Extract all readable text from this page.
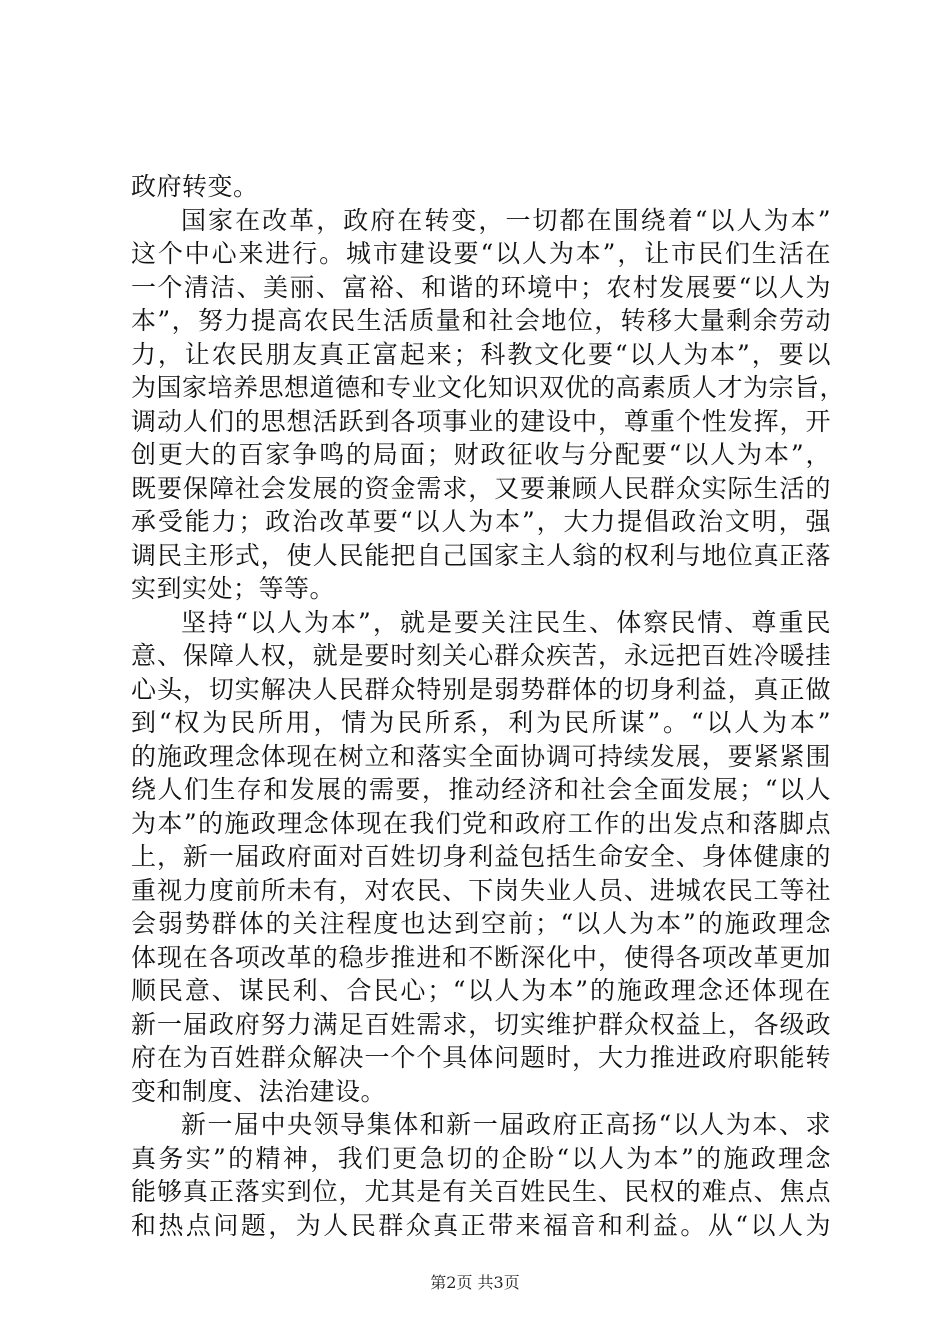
政府转变。
国家在改革，政府在转变，一切都在围绕着“以人为本”
这个中心来进行。城市建设要“以人为本”，让市民们生活在
一个清洁、美丽、富裕、和谐的环境中；农村发展要“以人为
本”，努力提高农民生活质量和社会地位，转移大量剩余劳动
力，让农民朋友真正富起来；科教文化要“以人为本”，要以
为国家培养思想道德和专业文化知识双优的高素质人才为宗旨，
调动人们的思想活跃到各项事业的建设中，尊重个性发挥，开
创更大的百家争鸣的局面；财政征收与分配要“以人为本”，
既要保障社会发展的资金需求，又要兼顾人民群众实际生活的
承受能力；政治改革要“以人为本”，大力提倡政治文明，强
调民主形式，使人民能把自己国家主人翁的权利与地位真正落
实到实处；等等。
坚持“以人为本”，就是要关注民生、体察民情、尊重民
意、保障人权，就是要时刻关心群众疾苦，永远把百姓冷暖挂
心头，切实解决人民群众特别是弱势群体的切身利益，真正做
到“权为民所用，情为民所系，利为民所谋”。“以人为本”
的施政理念体现在树立和落实全面协调可持续发展，要紧紧围
绕人们生存和发展的需要，推动经济和社会全面发展；“以人
为本”的施政理念体现在我们党和政府工作的出发点和落脚点
上，新一届政府面对百姓切身利益包括生命安全、身体健康的
重视力度前所未有，对农民、下岗失业人员、进城农民工等社
会弱势群体的关注程度也达到空前；“以人为本”的施政理念
体现在各项改革的稳步推进和不断深化中，使得各项改革更加
顺民意、谋民利、合民心；“以人为本”的施政理念还体现在
新一届政府努力满足百姓需求，切实维护群众权益上，各级政
府在为百姓群众解决一个个具体问题时，大力推进政府职能转
变和制度、法治建设。
新一届中央领导集体和新一届政府正高扬“以人为本、求
真务实”的精神，我们更急切的企盼“以人为本”的施政理念
能够真正落实到位，尤其是有关百姓民生、民权的难点、焦点
和热点问题，为人民群众真正带来福音和利益。从“以人为
第2页 共3页
